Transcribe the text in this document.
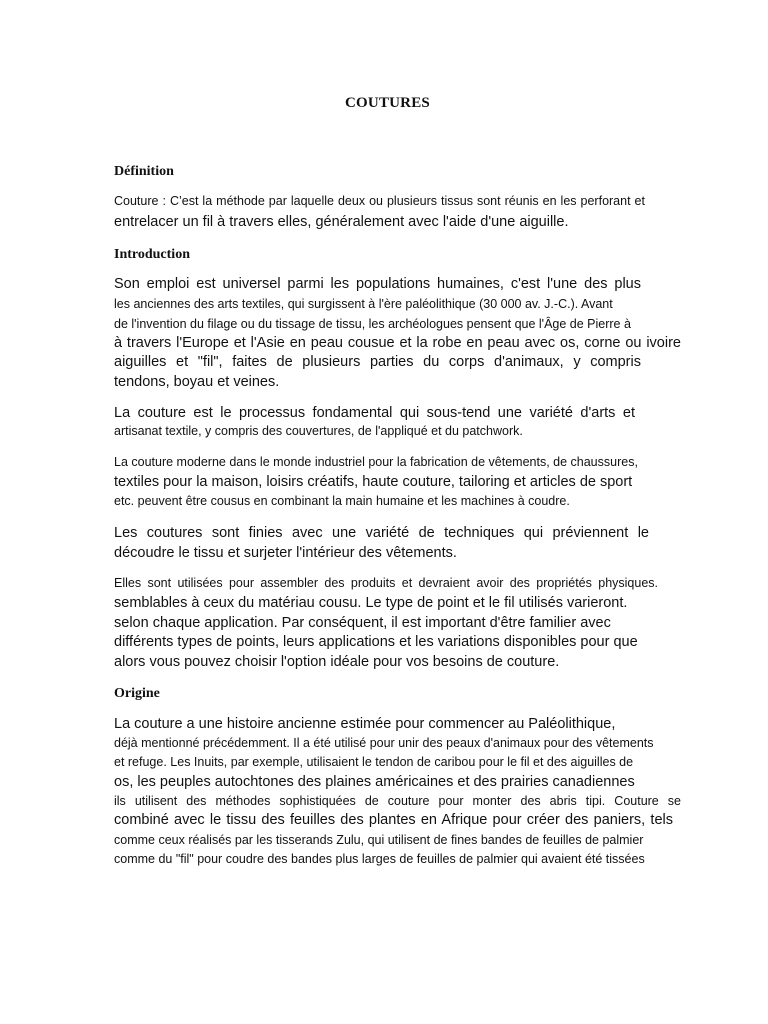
COUTURES
Définition
Couture : C’est la méthode par laquelle deux ou plusieurs tissus sont réunis en les perforant et
entrelacer un fil à travers elles, généralement avec l'aide d'une aiguille.
Introduction
Son emploi est universel parmi les populations humaines, c'est l'une des plus
les anciennes des arts textiles, qui surgissent à l'ère paléolithique (30 000 av. J.-C.). Avant
de l'invention du filage ou du tissage de tissu, les archéologues pensent que l'Âge de Pierre à
à travers l'Europe et l'Asie en peau cousue et la robe en peau avec os, corne ou ivoire
aiguilles et "fil", faites de plusieurs parties du corps d'animaux, y compris
tendons, boyau et veines.
La couture est le processus fondamental qui sous-tend une variété d'arts et
artisanat textile, y compris des couvertures, de l'appliqué et du patchwork.
La couture moderne dans le monde industriel pour la fabrication de vêtements, de chaussures,
textiles pour la maison, loisirs créatifs, haute couture, tailoring et articles de sport
etc. peuvent être cousus en combinant la main humaine et les machines à coudre.
Les coutures sont finies avec une variété de techniques qui préviennent le
découdre le tissu et surjeter l'intérieur des vêtements.
Elles sont utilisées pour assembler des produits et devraient avoir des propriétés physiques.
semblables à ceux du matériau cousu. Le type de point et le fil utilisés varieront.
selon chaque application. Par conséquent, il est important d'être familier avec
différents types de points, leurs applications et les variations disponibles pour que
alors vous pouvez choisir l'option idéale pour vos besoins de couture.
Origine
La couture a une histoire ancienne estimée pour commencer au Paléolithique,
déjà mentionné précédemment. Il a été utilisé pour unir des peaux d'animaux pour des vêtements
et refuge. Les Inuits, par exemple, utilisaient le tendon de caribou pour le fil et des aiguilles de
os, les peuples autochtones des plaines américaines et des prairies canadiennes
ils utilisent des méthodes sophistiquées de couture pour monter des abris tipi. Couture se
combiné avec le tissu des feuilles des plantes en Afrique pour créer des paniers, tels
comme ceux réalisés par les tisserands Zulu, qui utilisent de fines bandes de feuilles de palmier
comme du "fil" pour coudre des bandes plus larges de feuilles de palmier qui avaient été tissées
